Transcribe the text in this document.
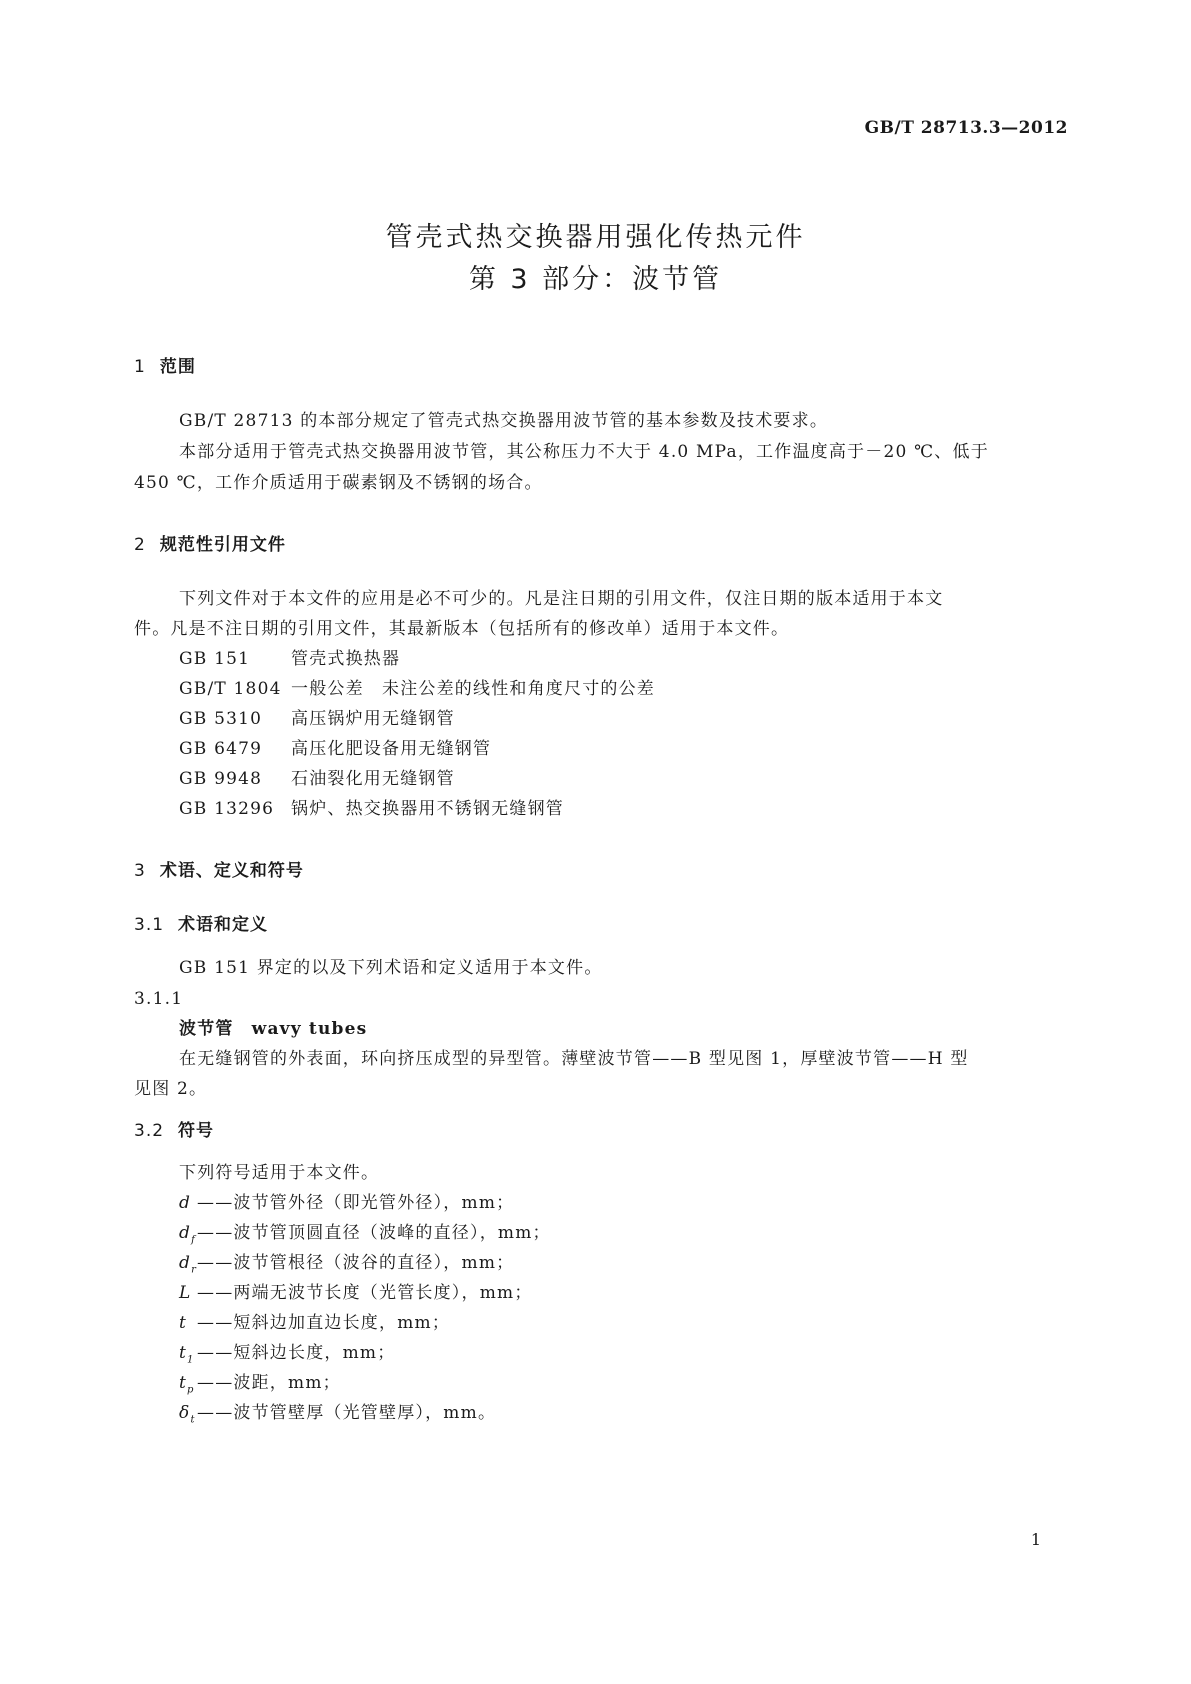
GB/T 28713.3—2012
管壳式热交换器用强化传热元件
第 3 部分：波节管
1 范围
GB/T 28713 的本部分规定了管壳式热交换器用波节管的基本参数及技术要求。
本部分适用于管壳式热交换器用波节管，其公称压力不大于 4.0 MPa，工作温度高于－20 ℃、低于
450 ℃，工作介质适用于碳素钢及不锈钢的场合。
2 规范性引用文件
下列文件对于本文件的应用是必不可少的。凡是注日期的引用文件，仅注日期的版本适用于本文
件。凡是不注日期的引用文件，其最新版本（包括所有的修改单）适用于本文件。
GB 151 管壳式换热器
GB/T 1804 一般公差　未注公差的线性和角度尺寸的公差
GB 5310 高压锅炉用无缝钢管
GB 6479 高压化肥设备用无缝钢管
GB 9948 石油裂化用无缝钢管
GB 13296 锅炉、热交换器用不锈钢无缝钢管
3 术语、定义和符号
3.1 术语和定义
GB 151 界定的以及下列术语和定义适用于本文件。
3.1.1
波节管 wavy tubes
在无缝钢管的外表面，环向挤压成型的异型管。薄壁波节管——B 型见图 1，厚壁波节管——H 型
见图 2。
3.2 符号
下列符号适用于本文件。
d ——波节管外径（即光管外径），mm；
$d_f——$波节管顶圆直径（波峰的直径），mm；
$d_r——$波节管根径（波谷的直径），mm；
L ——两端无波节长度（光管长度），mm；
t ——短斜边加直边长度，mm；
$t_1$ ——短斜边长度，mm；
$t_p$ ——波距，mm；
$\delta_t——$波节管壁厚（光管壁厚），mm。
1
